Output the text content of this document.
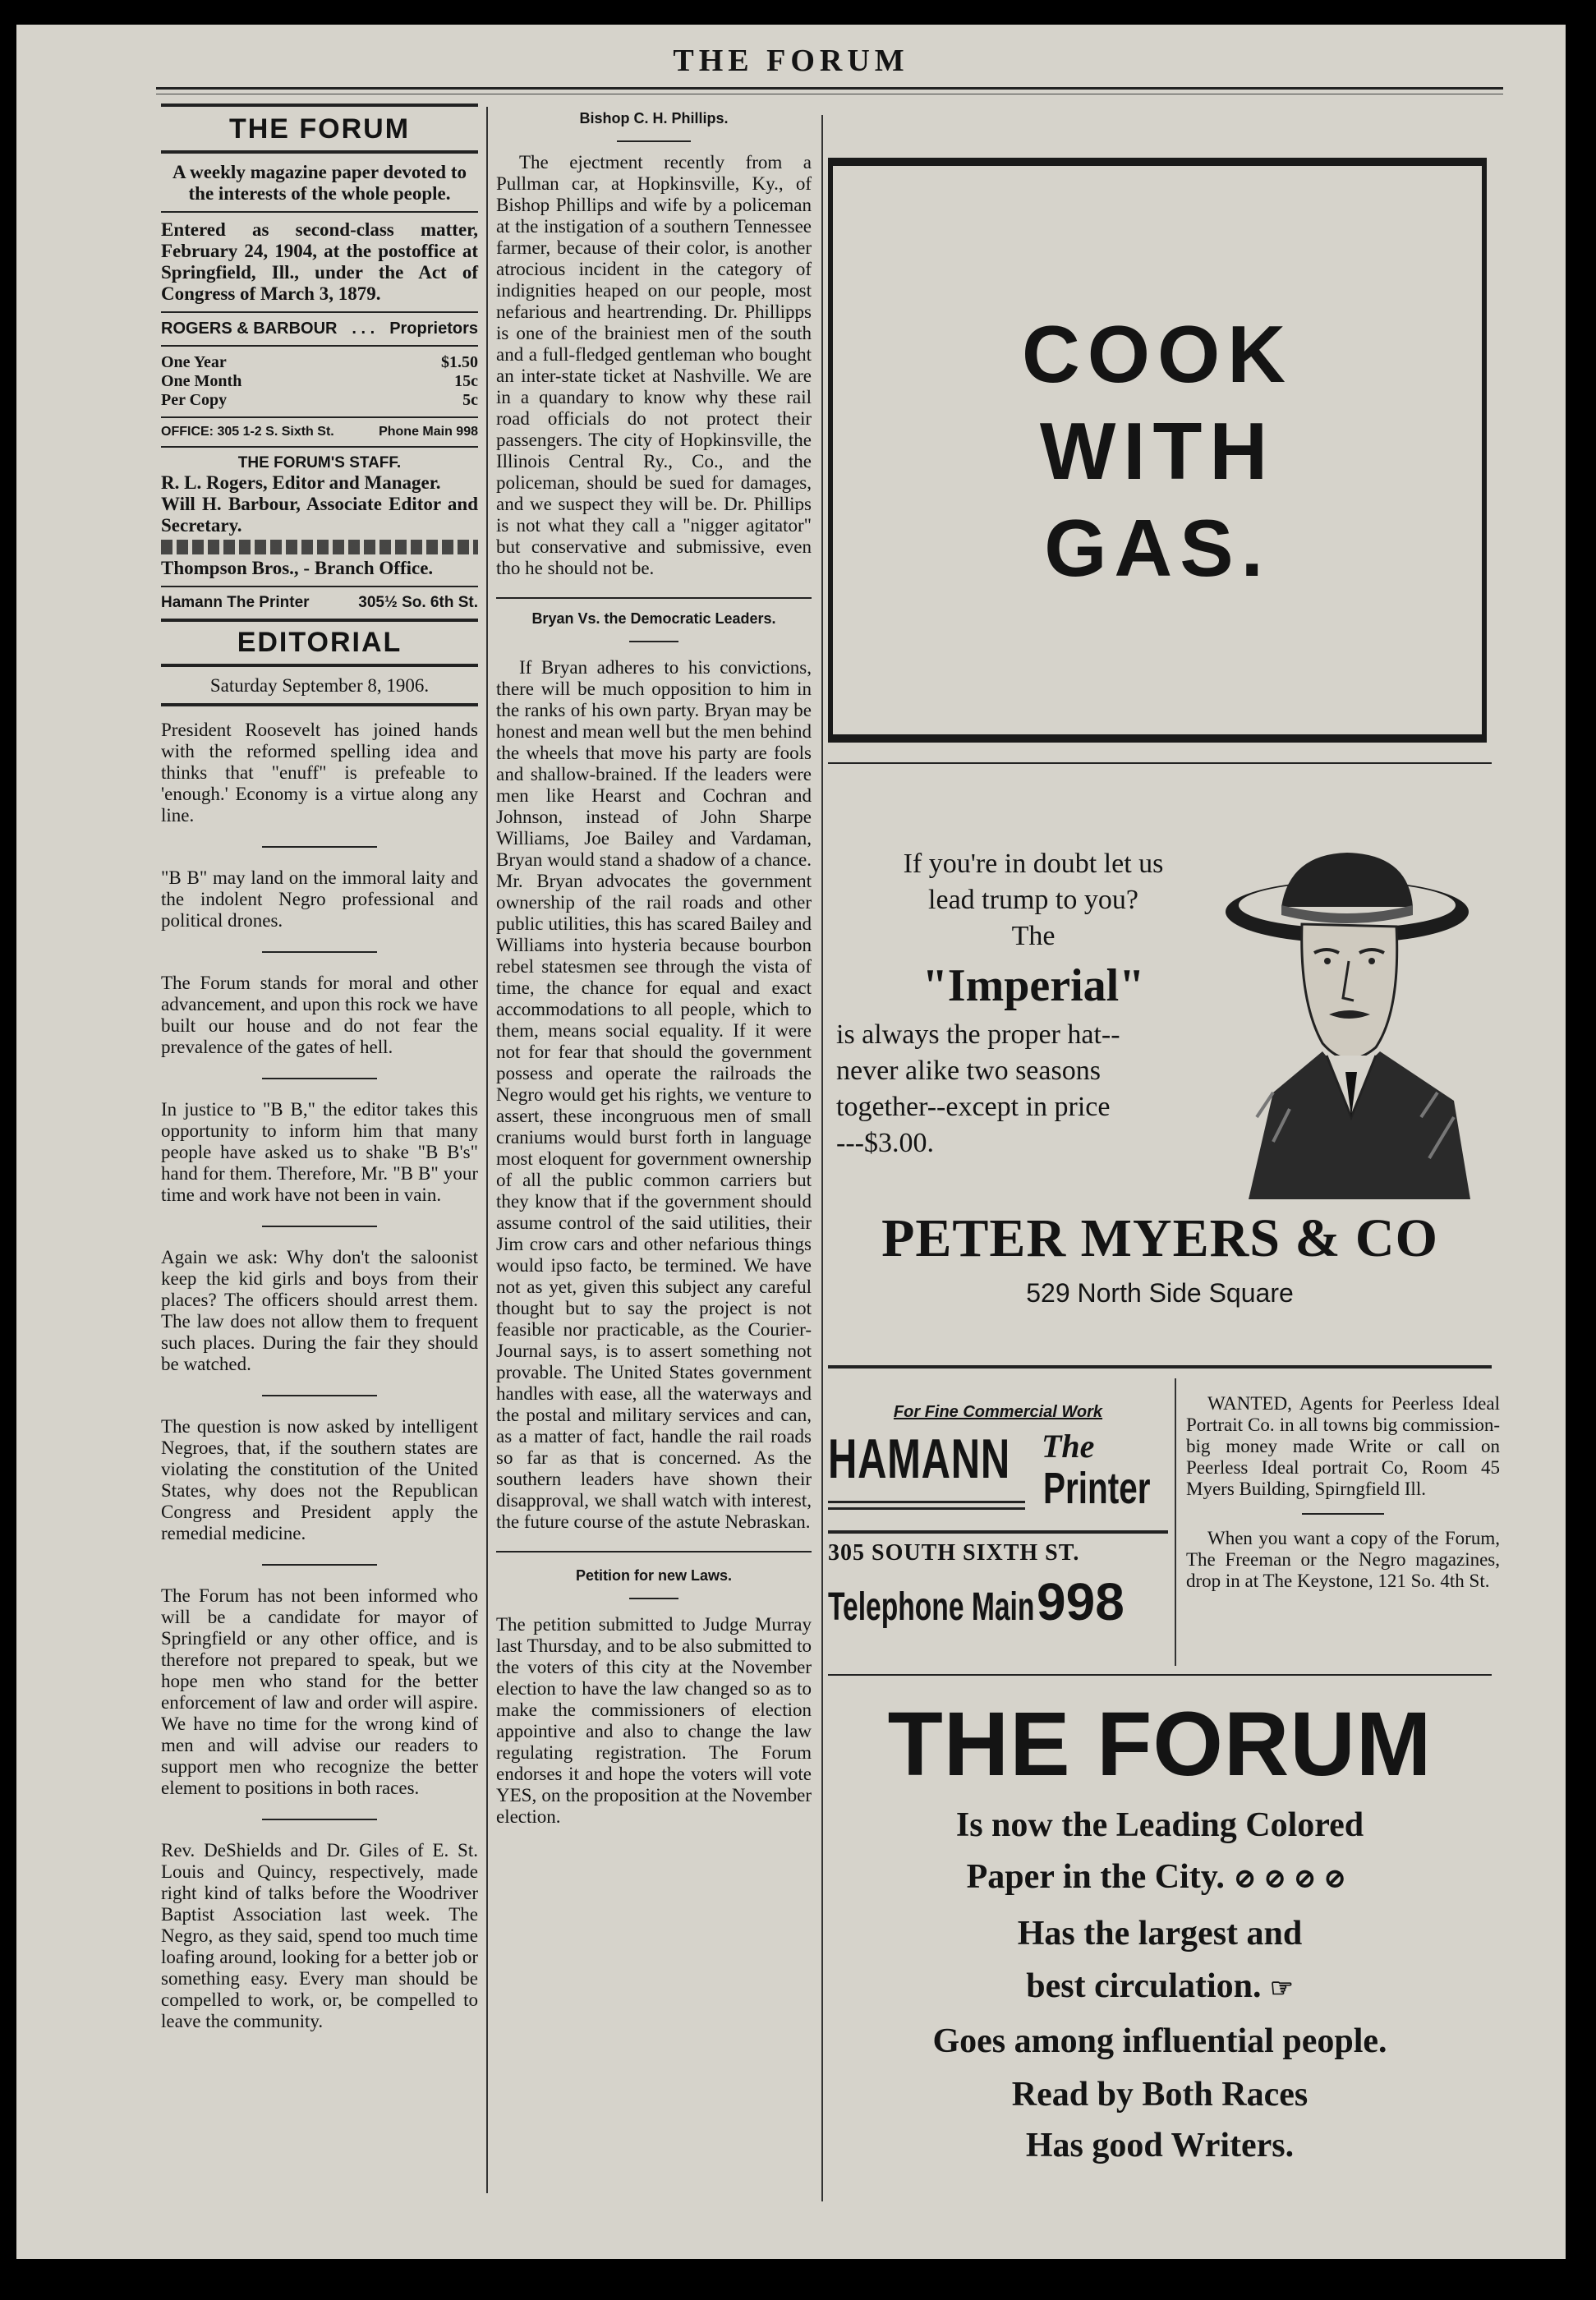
THE FORUM
THE FORUM

A weekly magazine paper devoted to the interests of the whole people.

Entered as second-class matter, February 24, 1904, at the postoffice at Springfield, Ill., under the Act of Congress of March 3, 1879.

ROGERS & BARBOUR . . . Proprietors
One Year	$1.50
One Month	15c
Per Copy	5c
OFFICE: 305 1-2 S. Sixth St.	Phone Main 998
THE FORUM'S STAFF.

R. L. Rogers, Editor and Manager.

Will H. Barbour, Associate Editor and Secretary.

Thompson Bros., - Branch Office.

Hamann The Printer	305½ So. 6th St.
EDITORIAL
Saturday September 8, 1906.

President Roosevelt has joined hands with the reformed spelling idea and thinks that "enuff" is prefeable to 'enough.' Economy is a virtue along any line.

"B B" may land on the immoral laity and the indolent Negro professional and political drones.

The Forum stands for moral and other advancement, and upon this rock we have built our house and do not fear the prevalence of the gates of hell.

In justice to "B B," the editor takes this opportunity to inform him that many people have asked us to shake "B B's" hand for them. Therefore, Mr. "B B" your time and work have not been in vain.

Again we ask: Why don't the saloonist keep the kid girls and boys from their places? The officers should arrest them. The law does not allow them to frequent such places. During the fair they should be watched.

The question is now asked by intelligent Negroes, that, if the southern states are violating the constitution of the United States, why does not the Republican Congress and President apply the remedial medicine.

The Forum has not been informed who will be a candidate for mayor of Springfield or any other office, and is therefore not prepared to speak, but we hope men who stand for the better enforcement of law and order will aspire. We have no time for the wrong kind of men and will advise our readers to support men who recognize the better element to positions in both races.

Rev. DeShields and Dr. Giles of E. St. Louis and Quincy, respectively, made right kind of talks before the Woodriver Baptist Association last week. The Negro, as they said, spend too much time loafing around, looking for a better job or something easy. Every man should be compelled to work, or, be compelled to leave the community.

Bishop C. H. Phillips.

The ejectment recently from a Pullman car, at Hopkinsville, Ky., of Bishop Phillips and wife by a policeman at the instigation of a southern Tennessee farmer, because of their color, is another atrocious incident in the category of indignities heaped on our people, most nefarious and heartrending. Dr. Phillipps is one of the brainiest men of the south and a full-fledged gentleman who bought an inter-state ticket at Nashville. We are in a quandary to know why these rail road officials do not protect their passengers. The city of Hopkinsville, the Illinois Central Ry., Co., and the policeman, should be sued for damages, and we suspect they will be. Dr. Phillips is not what they call a "nigger agitator" but conservative and submissive, even tho he should not be.

Bryan Vs. the Democratic Leaders.

If Bryan adheres to his convictions, there will be much opposition to him in the ranks of his own party. Bryan may be honest and mean well but the men behind the wheels that move his party are fools and shallow-brained. If the leaders were men like Hearst and Cochran and Johnson, instead of John Sharpe Williams, Joe Bailey and Vardaman, Bryan would stand a shadow of a chance. Mr. Bryan advocates the government ownership of the rail roads and other public utilities, this has scared Bailey and Williams into hysteria because bourbon rebel statesmen see through the vista of time, the chance for equal and exact accommodations to all people, which to them, means social equality. If it were not for fear that should the government possess and operate the railroads the Negro would get his rights, we venture to assert, these incongruous men of small craniums would burst forth in language most eloquent for government ownership of all the public common carriers but they know that if the government should assume control of the said utilities, their Jim crow cars and other nefarious things would ipso facto, be termined. We have not as yet, given this subject any careful thought but to say the project is not feasible nor practicable, as the Courier-Journal says, is to assert something not provable. The United States government handles with ease, all the waterways and the postal and military services and can, as a matter of fact, handle the rail roads so far as that is concerned. As the southern leaders have shown their disapproval, we shall watch with interest, the future course of the astute Nebraskan.

Petition for new Laws.

The petition submitted to Judge Murray last Thursday, and to be also submitted to the voters of this city at the November election to have the law changed so as to make the commissioners of election appointive and also to change the law regulating registration. The Forum endorses it and hope the voters will vote YES, on the proposition at the November election.

COOK
WITH
GAS.
If you're in doubt let us
lead trump to you?
The
"Imperial"
is always the proper hat--
never alike two seasons
together--except in price
---$3.00.
PETER MYERS & CO
529 North Side Square
For Fine Commercial Work
HAMANN The
Printer
305 SOUTH SIXTH ST.
Telephone Main 998

WANTED, Agents for Peerless Ideal Portrait Co. in all towns big commission-big money made Write or call on Peerless Ideal portrait Co, Room 45 Myers Building, Spirngfield Ill.

When you want a copy of the Forum, The Freeman or the Negro magazines, drop in at The Keystone, 121 So. 4th St.

THE FORUM
Is now the Leading Colored
Paper in the City. ⊘⊘⊘⊘
Has the largest and
best circulation. ☞
Goes among influential people.
Read by Both Races
Has good Writers.
